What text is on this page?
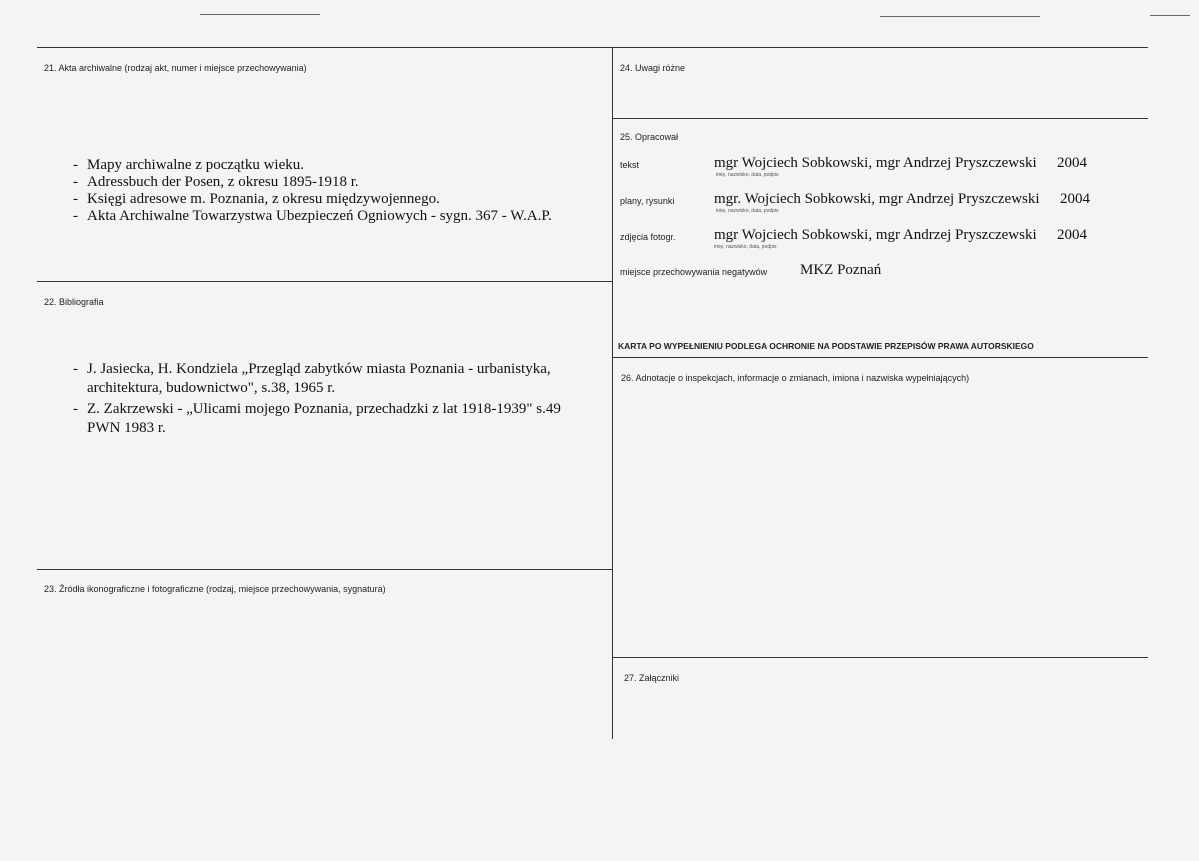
21. Akta archiwalne (rodzaj akt, numer i miejsce przechowywania)
- Mapy archiwalne z początku wieku.
- Adressbuch der Posen, z okresu 1895-1918 r.
- Księgi adresowe m. Poznania, z okresu międzywojennego.
- Akta Archiwalne Towarzystwa Ubezpieczeń Ogniowych - sygn. 367 - W.A.P.
22. Bibliografia
- J. Jasiecka, H. Kondziela „Przegląd zabytków miasta Poznania - urbanistyka, architektura, budownictwo", s.38, 1965 r.
- Z. Zakrzewski - „Ulicami mojego Poznania, przechadzki z lat 1918-1939" s.49 PWN 1983 r.
23. Źródła ikonograficzne i fotograficzne (rodzaj, miejsce przechowywania, sygnatura)
24. Uwagi różne
25. Opracował
tekst	mgr Wojciech Sobkowski, mgr Andrzej Pryszczewski 2004
imię, nazwisko, data, podpis
plany, rysunki	mgr. Wojciech Sobkowski, mgr Andrzej Pryszczewski 2004
imię, nazwisko, data, podpis
zdjęcia fotogr.	mgr Wojciech Sobkowski, mgr Andrzej Pryszczewski 2004
imię, nazwisko, data, podpis
miejsce przechowywania negatywów MKZ Poznań
KARTA PO WYPEŁNIENIU PODLEGA OCHRONIE NA PODSTAWIE PRZEPISÓW PRAWA AUTORSKIEGO
26. Adnotacje o inspekcjach, informacje o zmianach, imiona i nazwiska wypełniających)
27. Załączniki
